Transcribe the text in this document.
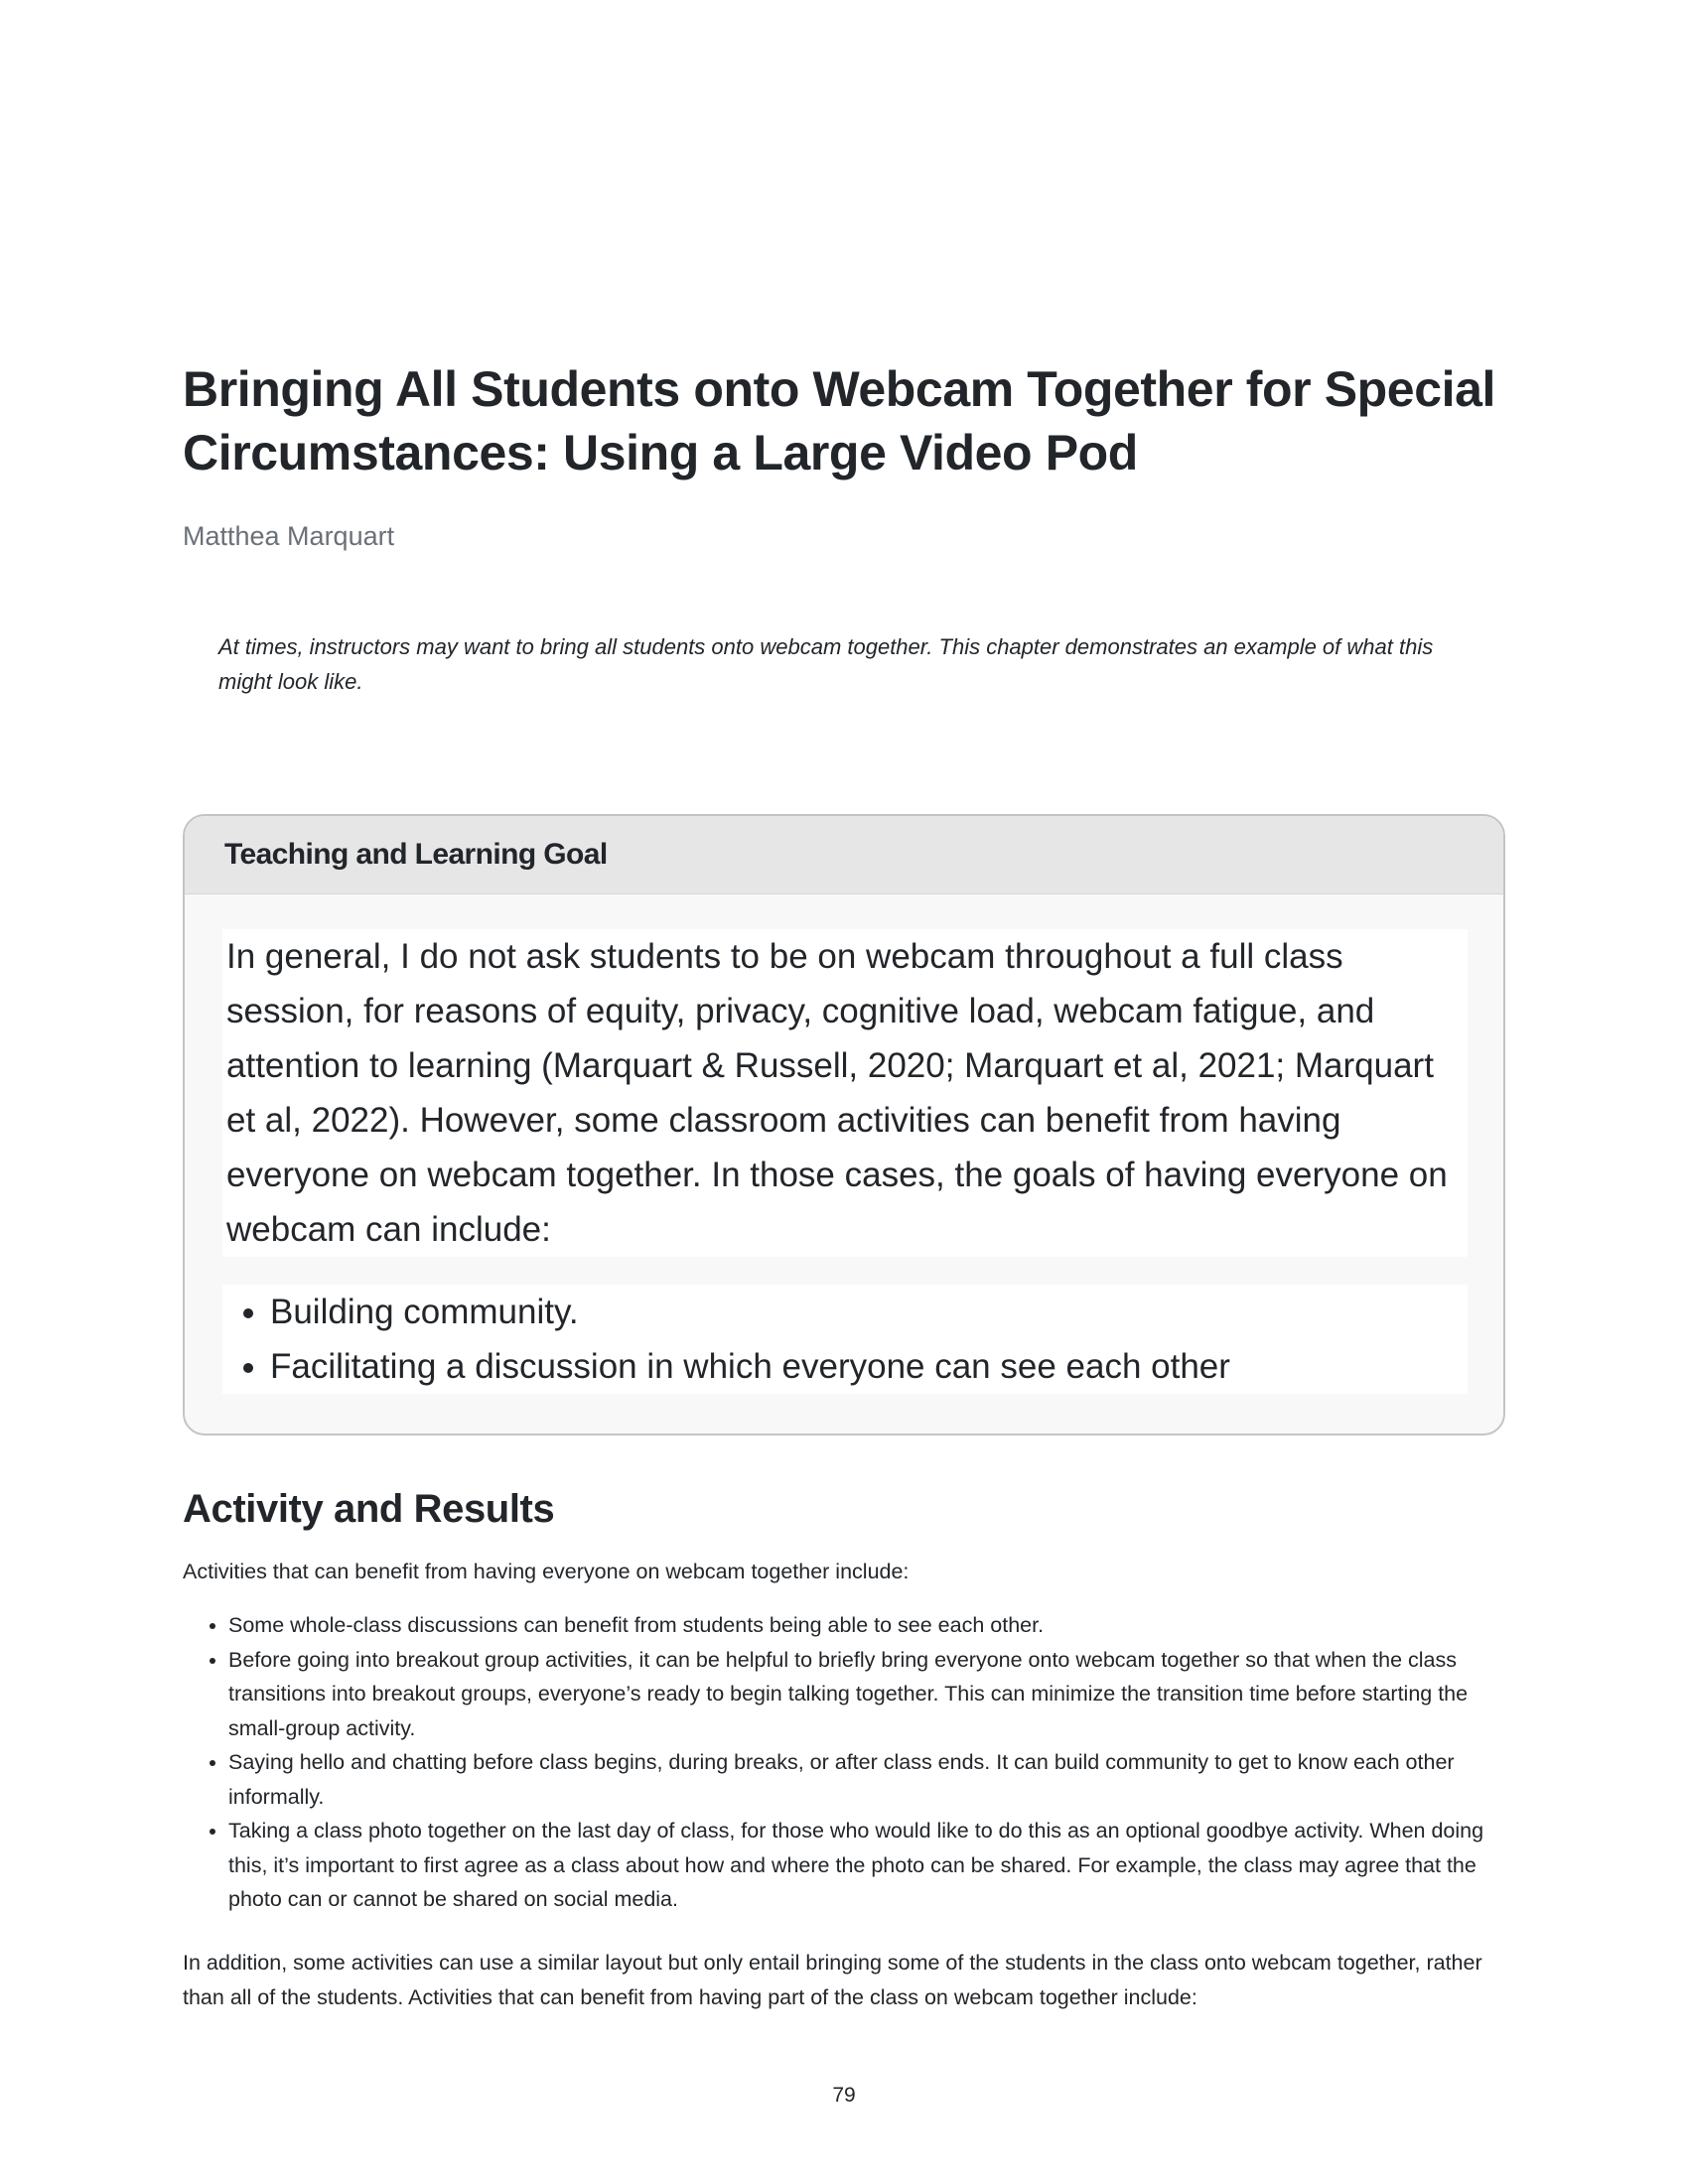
Bringing All Students onto Webcam Together for Special Circumstances: Using a Large Video Pod

Matthea Marquart

At times, instructors may want to bring all students onto webcam together. This chapter demonstrates an example of what this might look like.

Teaching and Learning Goal

In general, I do not ask students to be on webcam throughout a full class session, for reasons of equity, privacy, cognitive load, webcam fatigue, and attention to learning (Marquart & Russell, 2020; Marquart et al, 2021; Marquart et al, 2022). However, some classroom activities can benefit from having everyone on webcam together. In those cases, the goals of having everyone on webcam can include:

• Building community.
• Facilitating a discussion in which everyone can see each other
Activity and Results

Activities that can benefit from having everyone on webcam together include:

• Some whole-class discussions can benefit from students being able to see each other.
• Before going into breakout group activities, it can be helpful to briefly bring everyone onto webcam together so that when the class transitions into breakout groups, everyone’s ready to begin talking together. This can minimize the transition time before starting the small-group activity.
• Saying hello and chatting before class begins, during breaks, or after class ends. It can build community to get to know each other informally.
• Taking a class photo together on the last day of class, for those who would like to do this as an optional goodbye activity. When doing this, it’s important to first agree as a class about how and where the photo can be shared. For example, the class may agree that the photo can or cannot be shared on social media.

In addition, some activities can use a similar layout but only entail bringing some of the students in the class onto webcam together, rather than all of the students. Activities that can benefit from having part of the class on webcam together include:

79
